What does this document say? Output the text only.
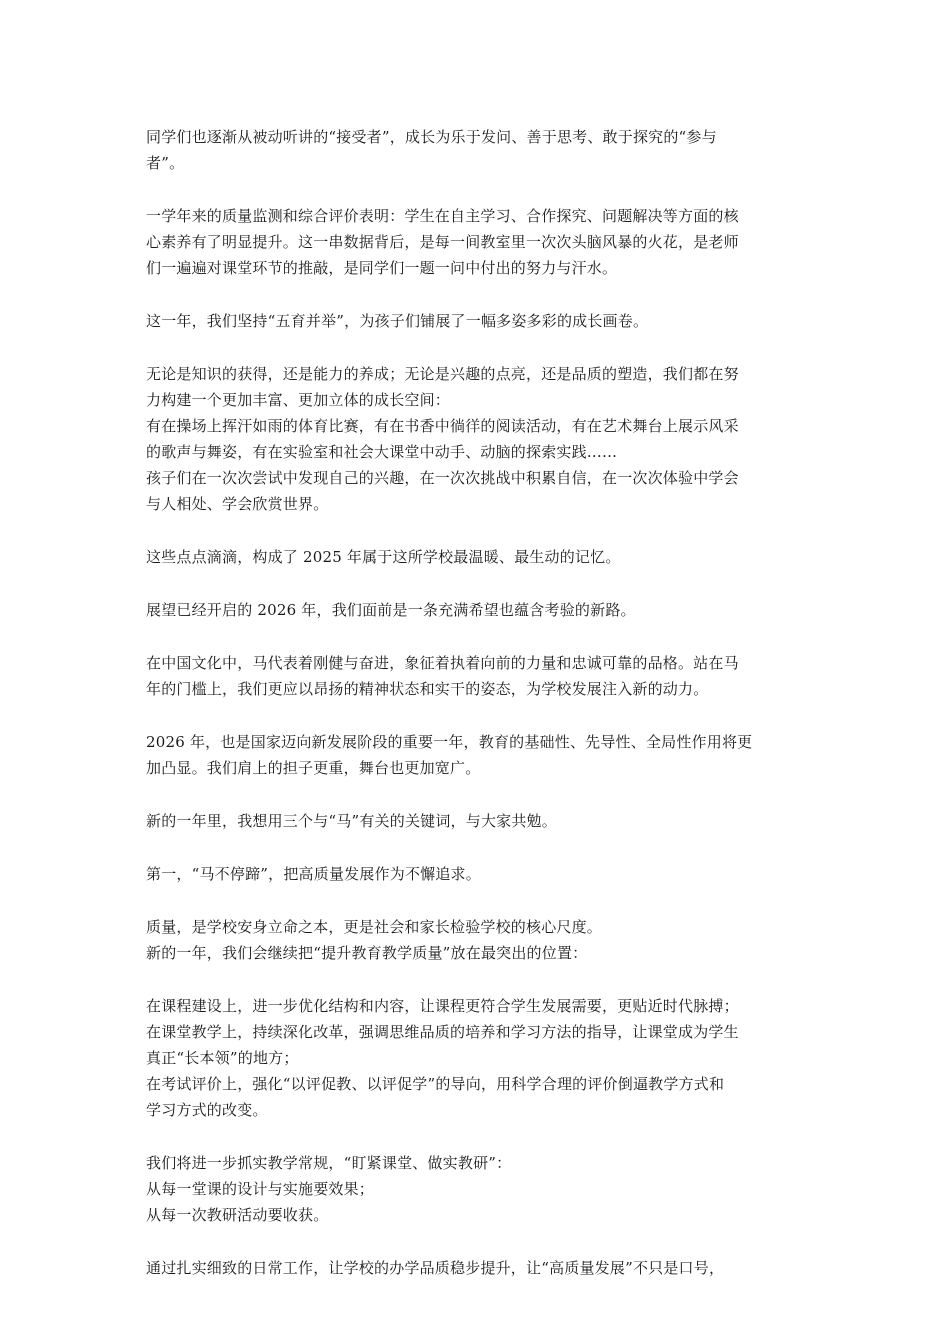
同学们也逐渐从被动听讲的“接受者”，成长为乐于发问、善于思考、敢于探究的“参与
者”。
一学年来的质量监测和综合评价表明：学生在自主学习、合作探究、问题解决等方面的核
心素养有了明显提升。这一串数据背后，是每一间教室里一次次头脑风暴的火花，是老师
们一遍遍对课堂环节的推敲，是同学们一题一问中付出的努力与汗水。
这一年，我们坚持“五育并举”，为孩子们铺展了一幅多姿多彩的成长画卷。
无论是知识的获得，还是能力的养成；无论是兴趣的点亮，还是品质的塑造，我们都在努
力构建一个更加丰富、更加立体的成长空间：
有在操场上挥汗如雨的体育比赛，有在书香中徜徉的阅读活动，有在艺术舞台上展示风采
的歌声与舞姿，有在实验室和社会大课堂中动手、动脑的探索实践……
孩子们在一次次尝试中发现自己的兴趣，在一次次挑战中积累自信，在一次次体验中学会
与人相处、学会欣赏世界。
这些点点滴滴，构成了 2025 年属于这所学校最温暖、最生动的记忆。
展望已经开启的 2026 年，我们面前是一条充满希望也蕴含考验的新路。
在中国文化中，马代表着刚健与奋进，象征着执着向前的力量和忠诚可靠的品格。站在马
年的门槛上，我们更应以昂扬的精神状态和实干的姿态，为学校发展注入新的动力。
2026 年，也是国家迈向新发展阶段的重要一年，教育的基础性、先导性、全局性作用将更
加凸显。我们肩上的担子更重，舞台也更加宽广。
新的一年里，我想用三个与“马”有关的关键词，与大家共勉。
第一，“马不停蹄”，把高质量发展作为不懈追求。
质量，是学校安身立命之本，更是社会和家长检验学校的核心尺度。
新的一年，我们会继续把“提升教育教学质量”放在最突出的位置：
在课程建设上，进一步优化结构和内容，让课程更符合学生发展需要，更贴近时代脉搏；
在课堂教学上，持续深化改革，强调思维品质的培养和学习方法的指导，让课堂成为学生
真正“长本领”的地方；
在考试评价上，强化“以评促教、以评促学”的导向，用科学合理的评价倒逼教学方式和
学习方式的改变。
我们将进一步抓实教学常规，“盯紧课堂、做实教研”：
从每一堂课的设计与实施要效果；
从每一次教研活动要收获。
通过扎实细致的日常工作，让学校的办学品质稳步提升，让“高质量发展”不只是口号，
